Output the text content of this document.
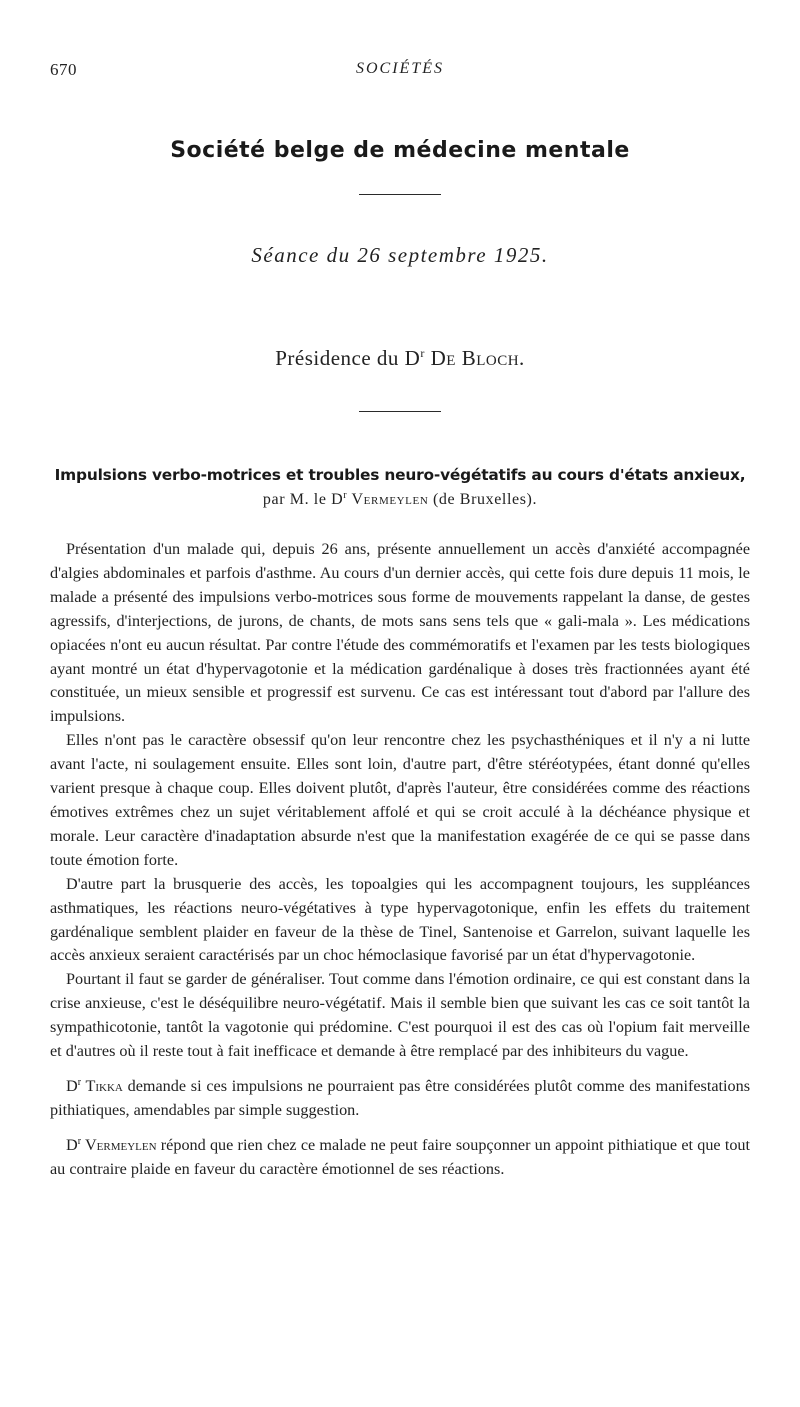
670	SOCIÉTÉS
Société belge de médecine mentale
Séance du 26 septembre 1925.
Présidence du $D^r$ De Bloch.
Impulsions verbo-motrices et troubles neuro-végétatifs au cours d'états anxieux,
par M. le $D^r$ Vermeylen (de Bruxelles).

Présentation d'un malade qui, depuis 26 ans, présente annuellement un accès d'anxiété accompagnée d'algies abdominales et parfois d'asthme. Au cours d'un dernier accès, qui cette fois dure depuis 11 mois, le malade a présenté des impulsions verbo-motrices sous forme de mouvements rappelant la danse, de gestes agressifs, d'interjections, de jurons, de chants, de mots sans sens tels que « gali-mala ». Les médications opiacées n'ont eu aucun résultat. Par contre l'étude des commémoratifs et l'examen par les tests biologiques ayant montré un état d'hypervagotonie et la médication gardénalique à doses très fractionnées ayant été constituée, un mieux sensible et progressif est survenu. Ce cas est intéressant tout d'abord par l'allure des impulsions.

Elles n'ont pas le caractère obsessif qu'on leur rencontre chez les psychasthéniques et il n'y a ni lutte avant l'acte, ni soulagement ensuite. Elles sont loin, d'autre part, d'être stéréotypées, étant donné qu'elles varient presque à chaque coup. Elles doivent plutôt, d'après l'auteur, être considérées comme des réactions émotives extrêmes chez un sujet véritablement affolé et qui se croit acculé à la déchéance physique et morale. Leur caractère d'inadaptation absurde n'est que la manifestation exagérée de ce qui se passe dans toute émotion forte.

D'autre part la brusquerie des accès, les topoalgies qui les accompagnent toujours, les suppléances asthmatiques, les réactions neuro-végétatives à type hypervagotonique, enfin les effets du traitement gardénalique semblent plaider en faveur de la thèse de Tinel, Santenoise et Garrelon, suivant laquelle les accès anxieux seraient caractérisés par un choc hémoclasique favorisé par un état d'hypervagotonie.

Pourtant il faut se garder de généraliser. Tout comme dans l'émotion ordinaire, ce qui est constant dans la crise anxieuse, c'est le déséquilibre neuro-végétatif. Mais il semble bien que suivant les cas ce soit tantôt la sympathicotonie, tantôt la vagotonie qui prédomine. C'est pourquoi il est des cas où l'opium fait merveille et d'autres où il reste tout à fait inefficace et demande à être remplacé par des inhibiteurs du vague.

$D^r$ Tikka demande si ces impulsions ne pourraient pas être considérées plutôt comme des manifestations pithiatiques, amendables par simple suggestion.

$D^r$ Vermeylen répond que rien chez ce malade ne peut faire soupçonner un appoint pithiatique et que tout au contraire plaide en faveur du caractère émotionnel de ses réactions.
